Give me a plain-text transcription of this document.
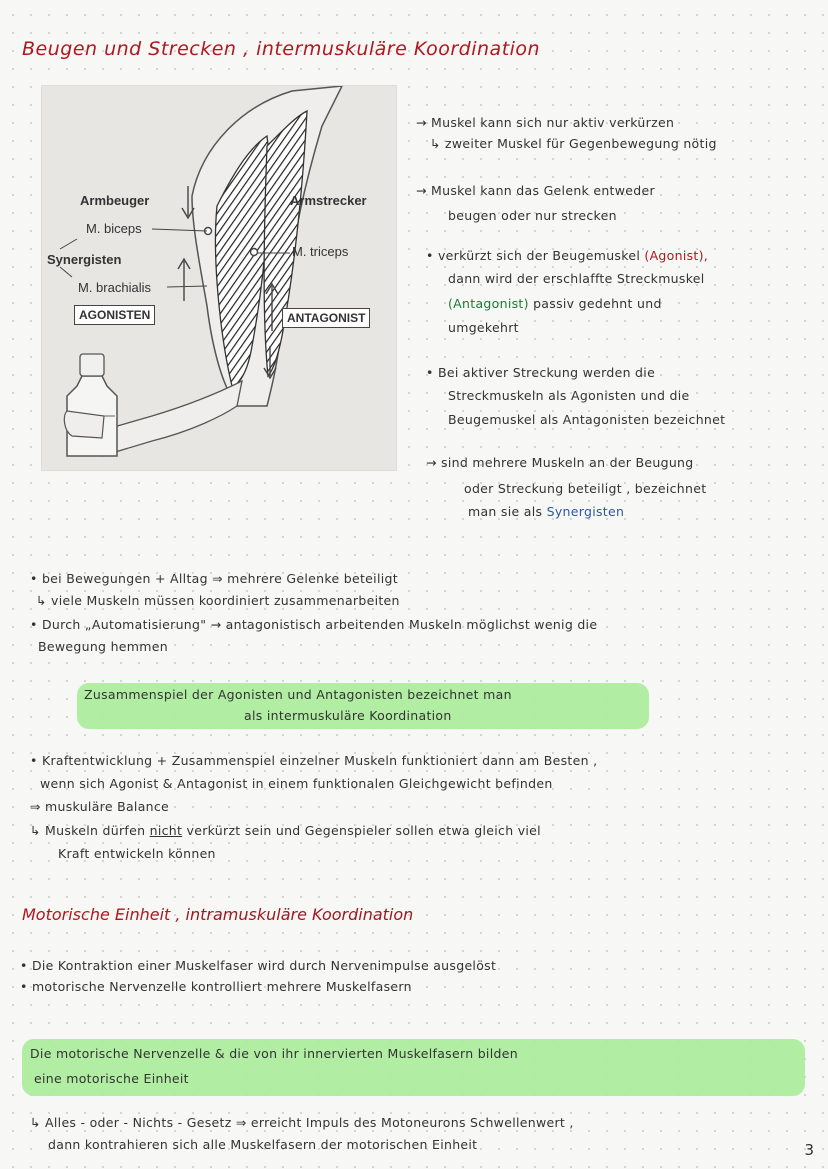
Beugen und Strecken , intermuskuläre Koordination
Armbeuger
M. biceps
Synergisten
M. brachialis
AGONISTEN
Armstrecker
M. triceps
ANTAGONIST
→ Muskel kann sich nur aktiv verkürzen
↳ zweiter Muskel für Gegenbewegung nötig
→ Muskel kann das Gelenk entweder
beugen oder nur strecken
• verkürzt sich der Beugemuskel (Agonist),
dann wird der erschlaffte Streckmuskel
(Antagonist) passiv gedehnt und
umgekehrt
• Bei aktiver Streckung werden die
Streckmuskeln als Agonisten und die
Beugemuskel als Antagonisten bezeichnet
→ sind mehrere Muskeln an der Beugung
oder Streckung beteiligt , bezeichnet
man sie als Synergisten
• bei Bewegungen + Alltag ⇒ mehrere Gelenke beteiligt
↳ viele Muskeln müssen koordiniert zusammenarbeiten
• Durch „Automatisierung" → antagonistisch arbeitenden Muskeln möglichst wenig die
Bewegung hemmen
Zusammenspiel der Agonisten und Antagonisten bezeichnet man
als intermuskuläre Koordination
• Kraftentwicklung + Zusammenspiel einzelner Muskeln funktioniert dann am Besten ,
wenn sich Agonist & Antagonist in einem funktionalen Gleichgewicht befinden
⇒ muskuläre Balance
↳ Muskeln dürfen nicht verkürzt sein und Gegenspieler sollen etwa gleich viel
Kraft entwickeln können
Motorische Einheit , intramuskuläre Koordination
• Die Kontraktion einer Muskelfaser wird durch Nervenimpulse ausgelöst
• motorische Nervenzelle kontrolliert mehrere Muskelfasern
Die motorische Nervenzelle & die von ihr innervierten Muskelfasern bilden
eine motorische Einheit
↳ Alles - oder - Nichts - Gesetz ⇒ erreicht Impuls des Motoneurons Schwellenwert ,
dann kontrahieren sich alle Muskelfasern der motorischen Einheit	3
